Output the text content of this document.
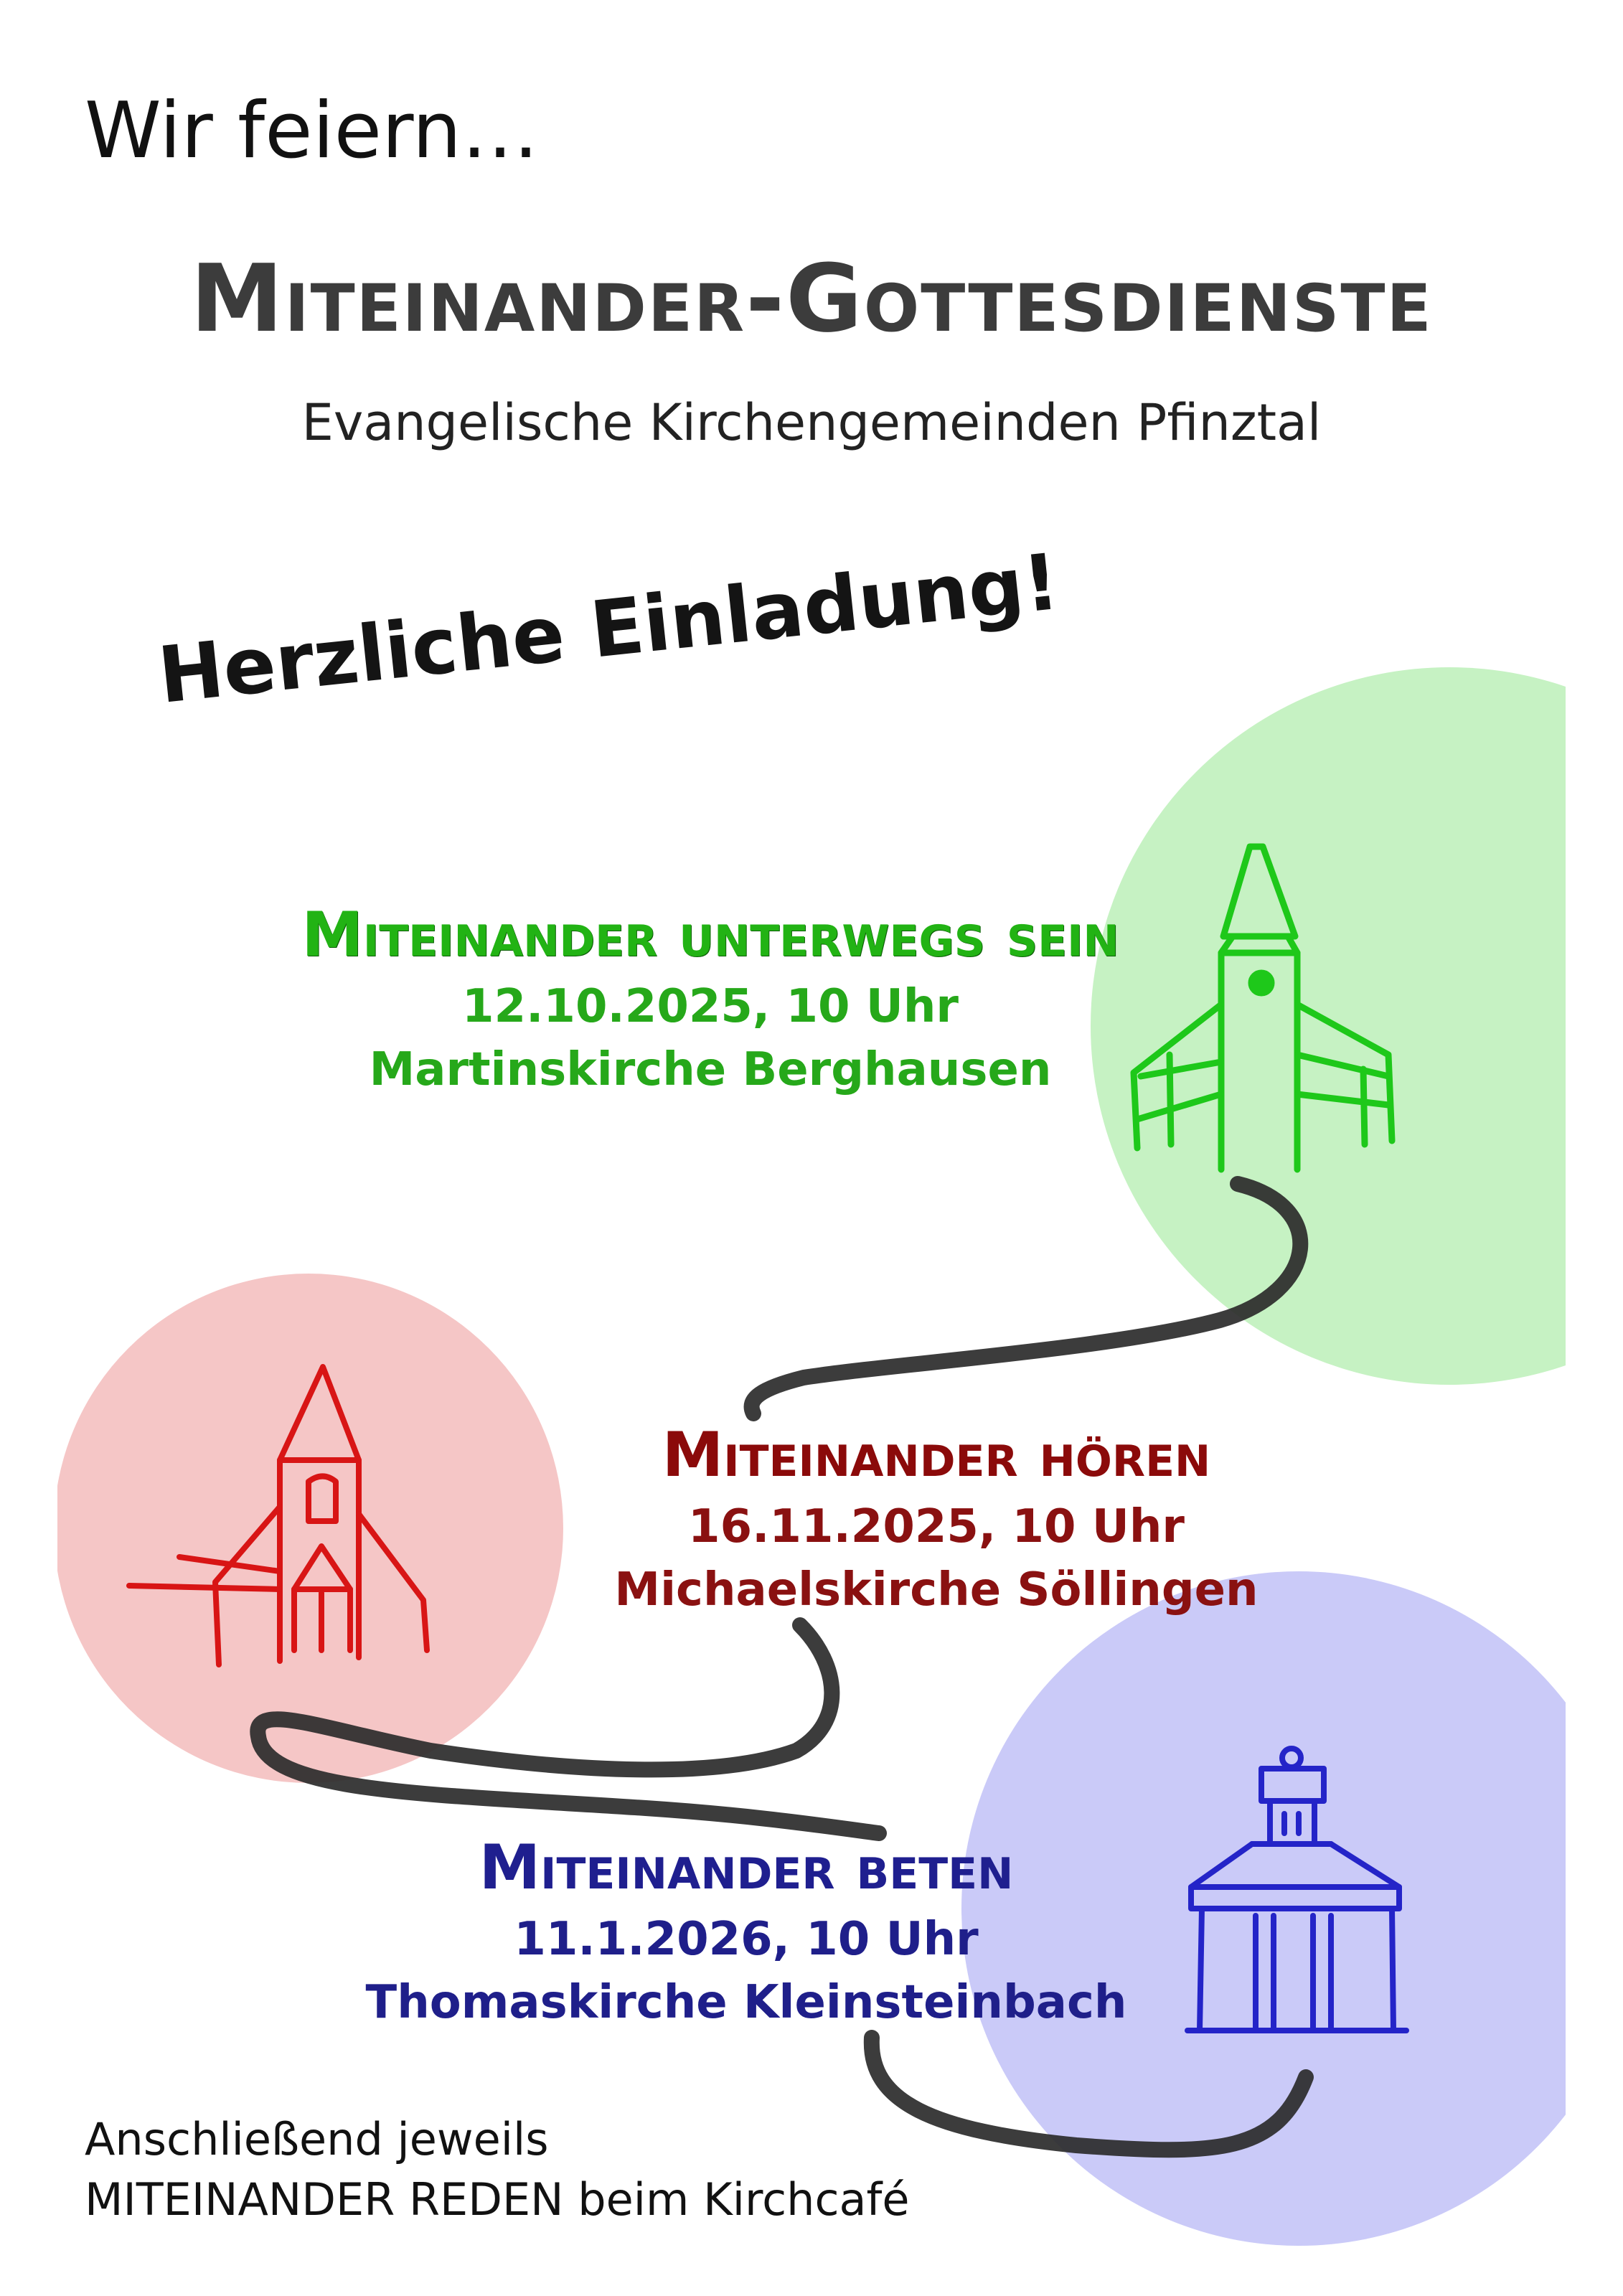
Wir feiern…

Miteinander-Gottesdienste

Evangelische Kirchengemeinden Pfinztal

Herzliche Einladung!

Miteinander unterwegs sein
12.10.2025, 10 Uhr
Martinskirche Berghausen
Miteinander hören
16.11.2025, 10 Uhr
Michaelskirche Söllingen
Miteinander beten
11.1.2026, 10 Uhr
Thomaskirche Kleinsteinbach
Anschließend jeweils
MITEINANDER REDEN beim Kirchcafé
